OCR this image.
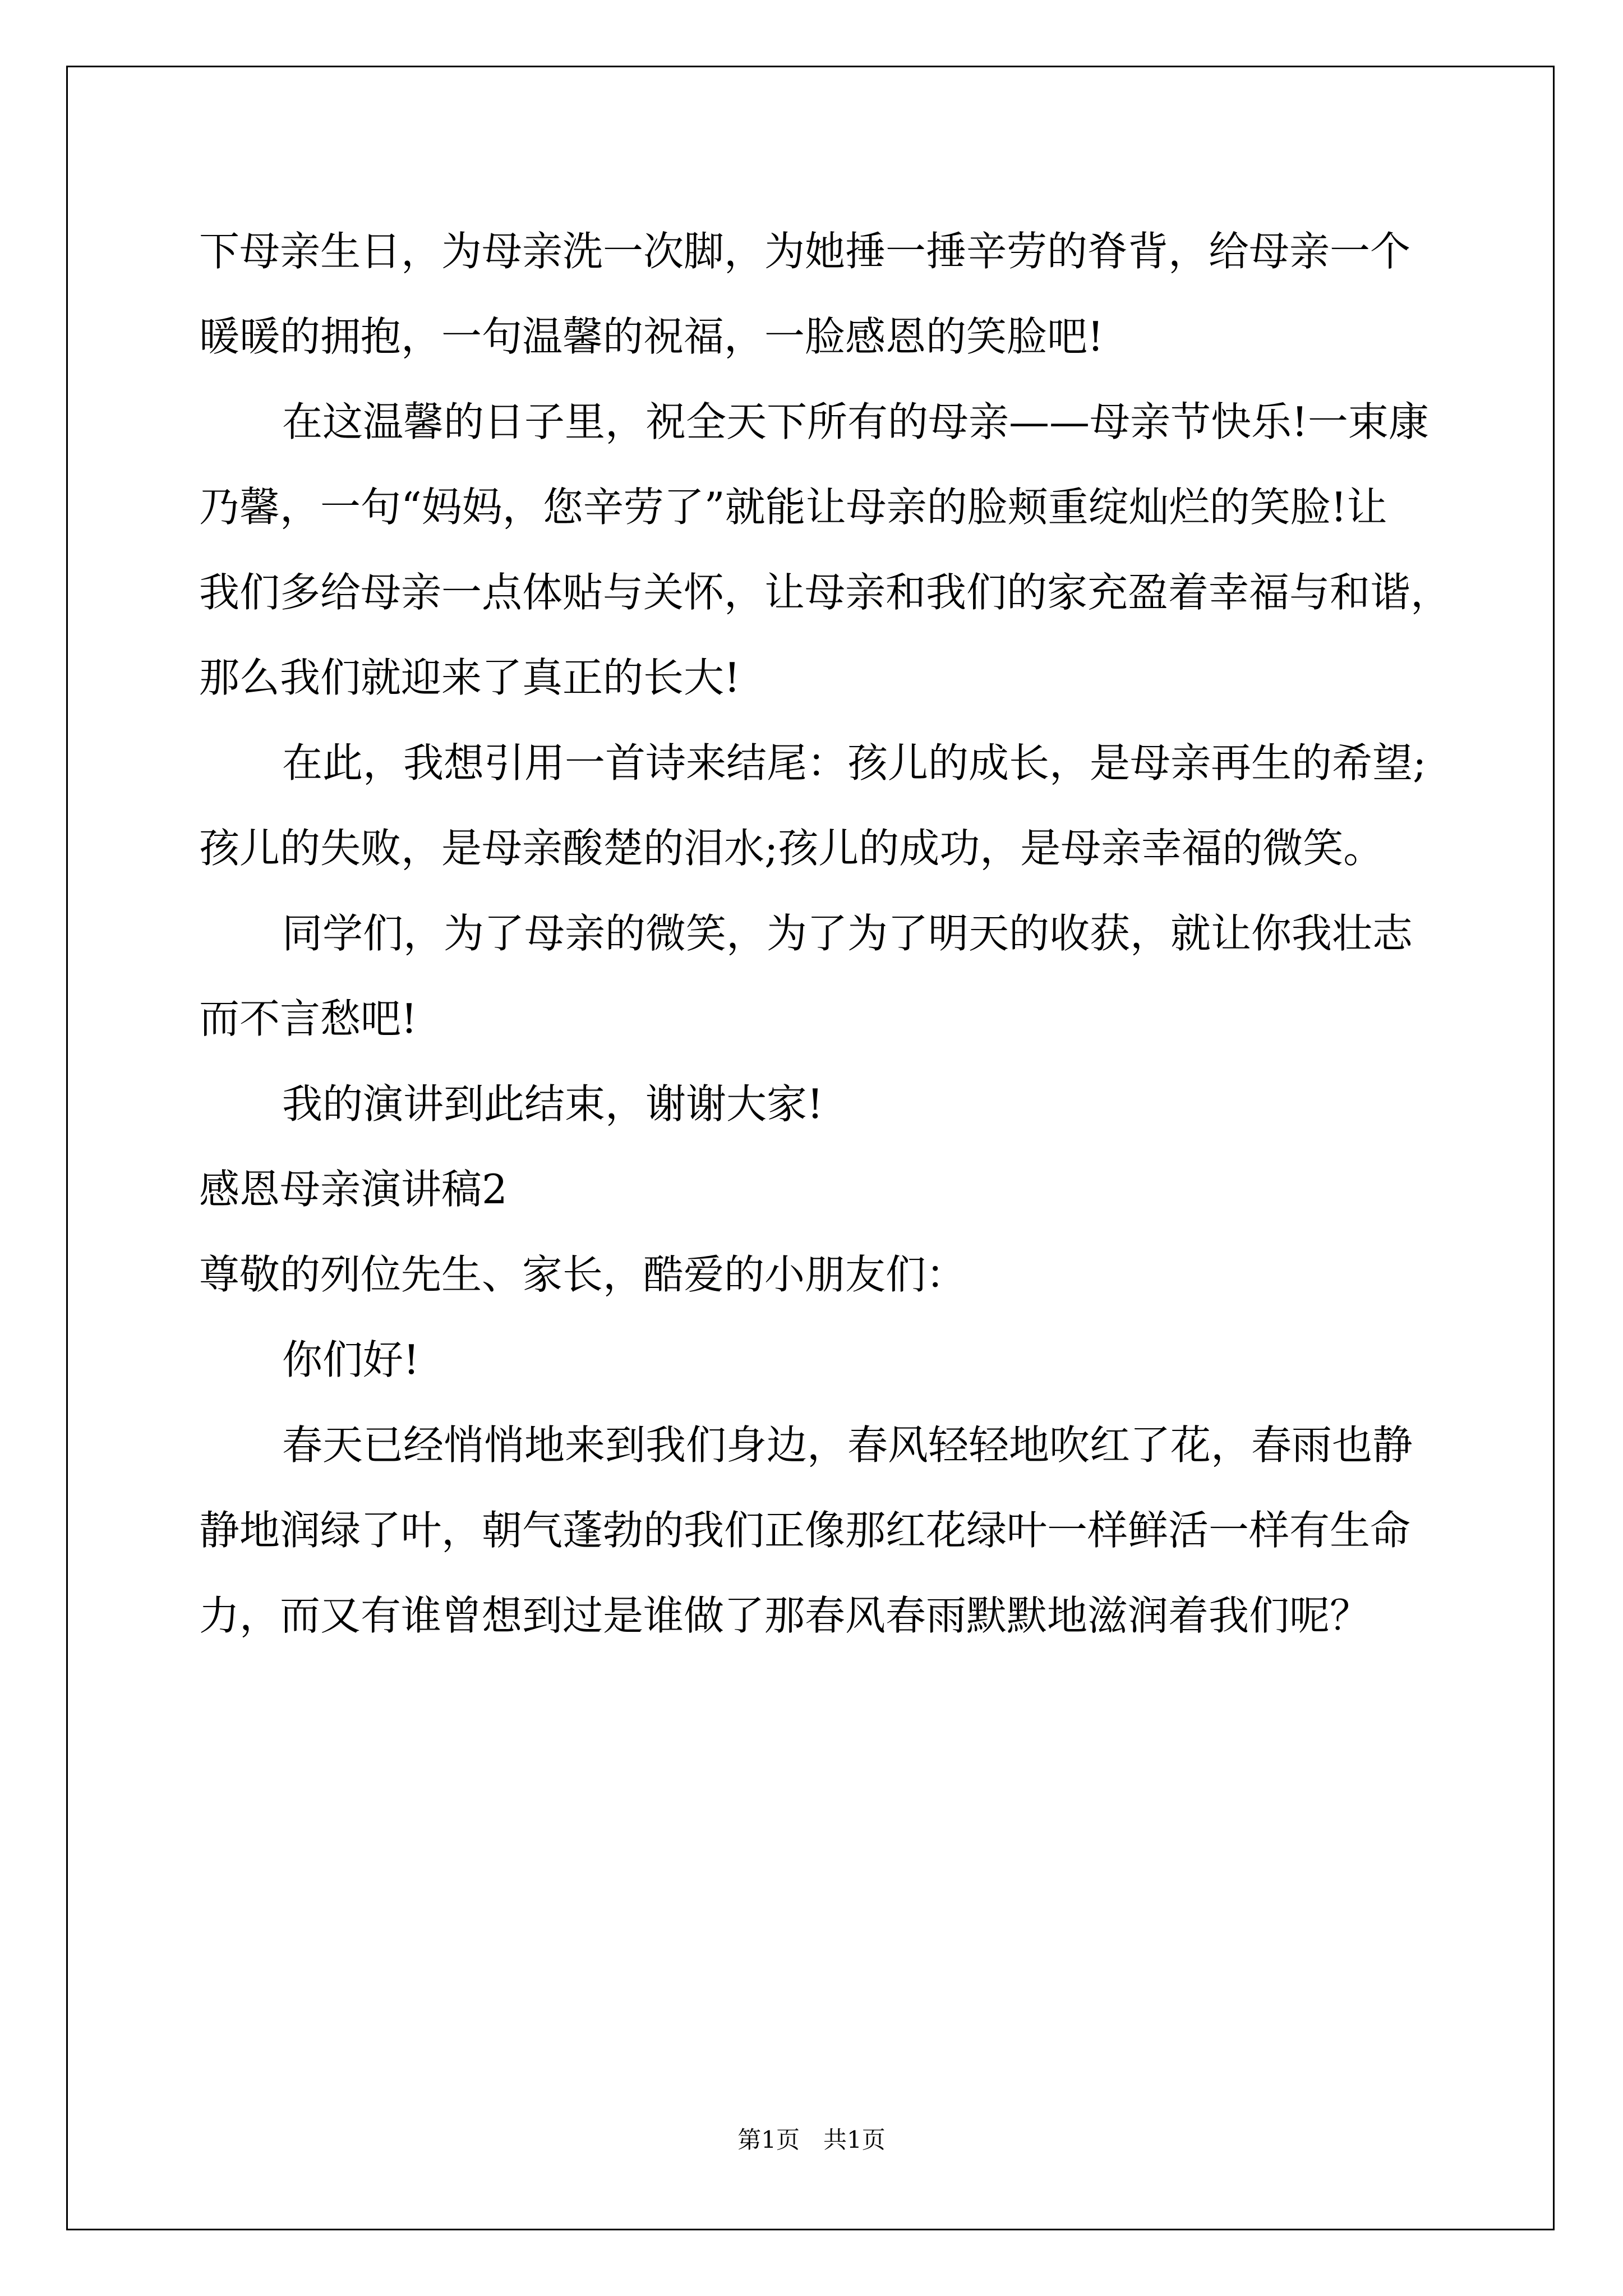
下母亲生日，为母亲洗一次脚，为她捶一捶辛劳的脊背，给母亲一个

暖暖的拥抱，一句温馨的祝福，一脸感恩的笑脸吧!

在这温馨的日子里，祝全天下所有的母亲——母亲节快乐!一束康

乃馨，一句“妈妈，您辛劳了”就能让母亲的脸颊重绽灿烂的笑脸!让

我们多给母亲一点体贴与关怀，让母亲和我们的家充盈着幸福与和谐，

那么我们就迎来了真正的长大!

在此，我想引用一首诗来结尾：孩儿的成长，是母亲再生的希望;

孩儿的失败，是母亲酸楚的泪水;孩儿的成功，是母亲幸福的微笑。

同学们，为了母亲的微笑，为了为了明天的收获，就让你我壮志

而不言愁吧!

我的演讲到此结束，谢谢大家!

感恩母亲演讲稿2

尊敬的列位先生、家长，酷爱的小朋友们：

你们好!

春天已经悄悄地来到我们身边，春风轻轻地吹红了花，春雨也静

静地润绿了叶，朝气蓬勃的我们正像那红花绿叶一样鲜活一样有生命

力，而又有谁曾想到过是谁做了那春风春雨默默地滋润着我们呢？

第1页　共1页
